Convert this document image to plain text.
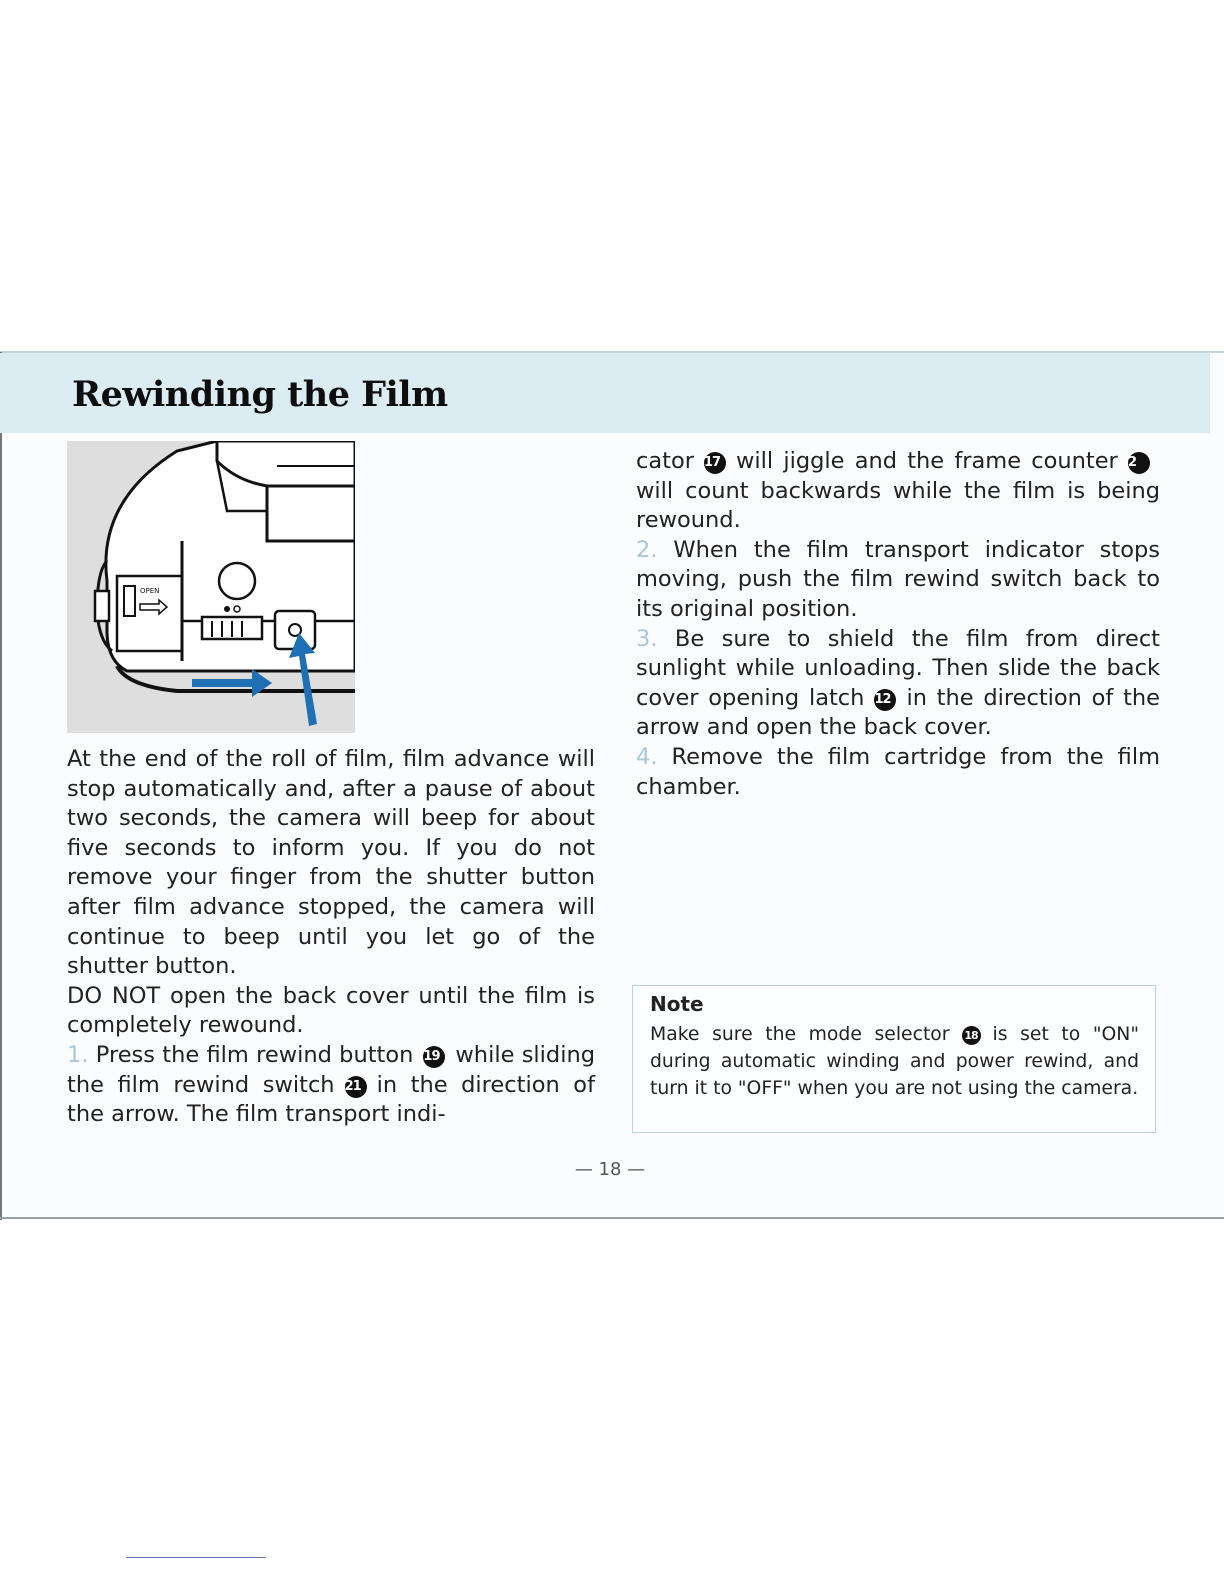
Rewinding the Film
OPEN

At the end of the roll of film, film advance will stop automatically and, after a pause of about two seconds, the camera will beep for about five seconds to inform you. If you do not remove your finger from the shutter button after film advance stopped, the camera will continue to beep until you let go of the shutter button.

DO NOT open the back cover until the film is completely rewound.

1. Press the film rewind button 19 while sliding the film rewind switch 21 in the direction of the arrow. The film transport indi-

cator 17 will jiggle and the frame counter 2will count backwards while the film is being rewound.

2. When the film transport indicator stops moving, push the film rewind switch back to its original position.

3. Be sure to shield the film from direct sunlight while unloading. Then slide the back cover opening latch 12 in the direction of the arrow and open the back cover.

4. Remove the film cartridge from the film chamber.

Note
Make sure the mode selector 18 is set to "ON" during automatic winding and power rewind, and turn it to "OFF" when you are not using the camera.
— 18 —
